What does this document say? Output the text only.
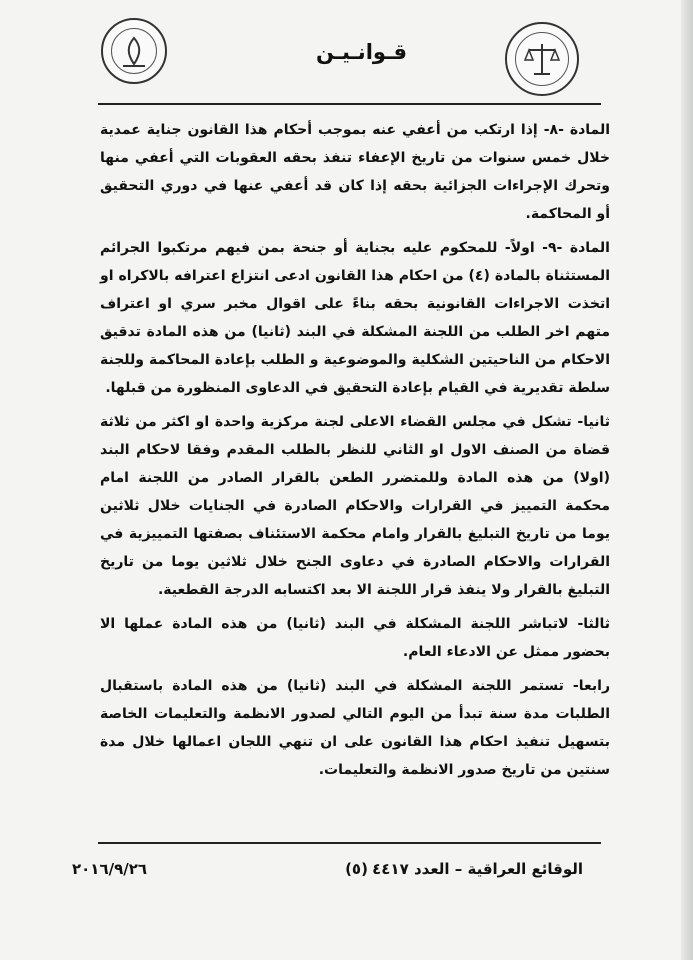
قـوانـيـن

المادة -٨- إذا ارتكب من أعفي عنه بموجب أحكام هذا القانون جناية عمدية خلال خمس سنوات من تاريخ الإعفاء تنفذ بحقه العقوبات التي أعفي منها وتحرك الإجراءات الجزائية بحقه إذا كان قد أعفي عنها في دوري التحقيق أو المحاكمة.

المادة -٩- اولاً- للمحكوم عليه بجناية أو جنحة بمن فيهم مرتكبوا الجرائم المستثناة بالمادة (٤) من احكام هذا القانون ادعى انتزاع اعترافه بالاكراه او اتخذت الاجراءات القانونية بحقه بناءً على اقوال مخبر سري او اعتراف متهم اخر الطلب من اللجنة المشكلة في البند (ثانيا) من هذه المادة تدقيق الاحكام من الناحيتين الشكلية والموضوعية و الطلب بإعادة المحاكمة وللجنة سلطة تقديرية في القيام بإعادة التحقيق في الدعاوى المنظورة من قبلها.

ثانيا- تشكل في مجلس القضاء الاعلى لجنة مركزية واحدة او اكثر من ثلاثة قضاة من الصنف الاول او الثاني للنظر بالطلب المقدم وفقا لاحكام البند (اولا) من هذه المادة وللمتضرر الطعن بالقرار الصادر من اللجنة امام محكمة التمييز في القرارات والاحكام الصادرة في الجنايات خلال ثلاثين يوما من تاريخ التبليغ بالقرار وامام محكمة الاستئناف بصفتها التمييزية في القرارات والاحكام الصادرة في دعاوى الجنح خلال ثلاثين يوما من تاريخ التبليغ بالقرار ولا ينفذ قرار اللجنة الا بعد اكتسابه الدرجة القطعية.

ثالثا- لاتباشر اللجنة المشكلة في البند (ثانيا) من هذه المادة عملها الا بحضور ممثل عن الادعاء العام.

رابعا- تستمر اللجنة المشكلة في البند (ثانيا) من هذه المادة باستقبال الطلبات مدة سنة تبدأ من اليوم التالي لصدور الانظمة والتعليمات الخاصة بتسهيل تنفيذ احكام هذا القانون على ان تنهي اللجان اعمالها خلال مدة سنتين من تاريخ صدور الانظمة والتعليمات.

الوقائع العراقية – العدد ٤٤١٧
(٥)
٢٠١٦/٩/٢٦
